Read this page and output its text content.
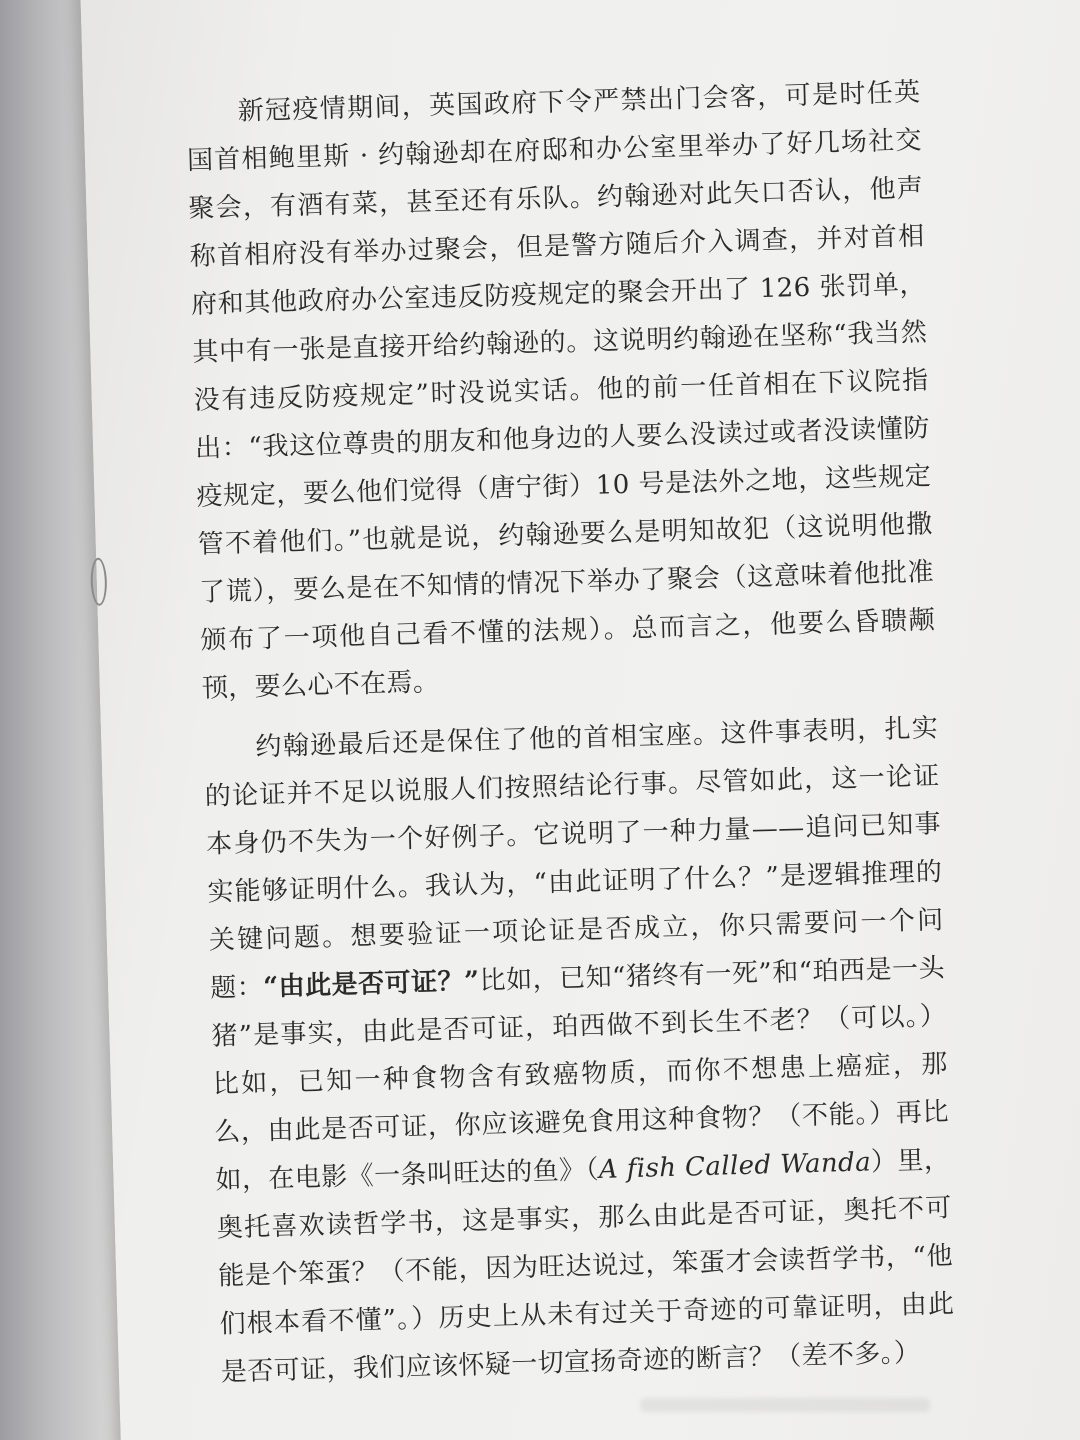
新冠疫情期间，英国政府下令严禁出门会客，可是时任英国首相鲍里斯 · 约翰逊却在府邸和办公室里举办了好几场社交聚会，有酒有菜，甚至还有乐队。约翰逊对此矢口否认，他声称首相府没有举办过聚会，但是警方随后介入调查，并对首相府和其他政府办公室违反防疫规定的聚会开出了 126 张罚单，其中有一张是直接开给约翰逊的。这说明约翰逊在坚称“我当然没有违反防疫规定”时没说实话。他的前一任首相在下议院指出：“我这位尊贵的朋友和他身边的人要么没读过或者没读懂防疫规定，要么他们觉得（唐宁街）10 号是法外之地，这些规定管不着他们。”也就是说，约翰逊要么是明知故犯（这说明他撒了谎），要么是在不知情的情况下举办了聚会（这意味着他批准颁布了一项他自己看不懂的法规）。总而言之，他要么昏聩颟顸，要么心不在焉。

约翰逊最后还是保住了他的首相宝座。这件事表明，扎实的论证并不足以说服人们按照结论行事。尽管如此，这一论证本身仍不失为一个好例子。它说明了一种力量——追问已知事实能够证明什么。我认为，“由此证明了什么？”是逻辑推理的关键问题。想要验证一项论证是否成立，你只需要问一个问题：“由此是否可证？”比如，已知“猪终有一死”和“珀西是一头猪”是事实，由此是否可证，珀西做不到长生不老？（可以。）比如，已知一种食物含有致癌物质，而你不想患上癌症，那么，由此是否可证，你应该避免食用这种食物？（不能。）再比如，在电影《一条叫旺达的鱼》（A fish Called Wanda）里，奥托喜欢读哲学书，这是事实，那么由此是否可证，奥托不可能是个笨蛋？（不能，因为旺达说过，笨蛋才会读哲学书，“他们根本看不懂”。）历史上从未有过关于奇迹的可靠证明，由此是否可证，我们应该怀疑一切宣扬奇迹的断言？（差不多。）
